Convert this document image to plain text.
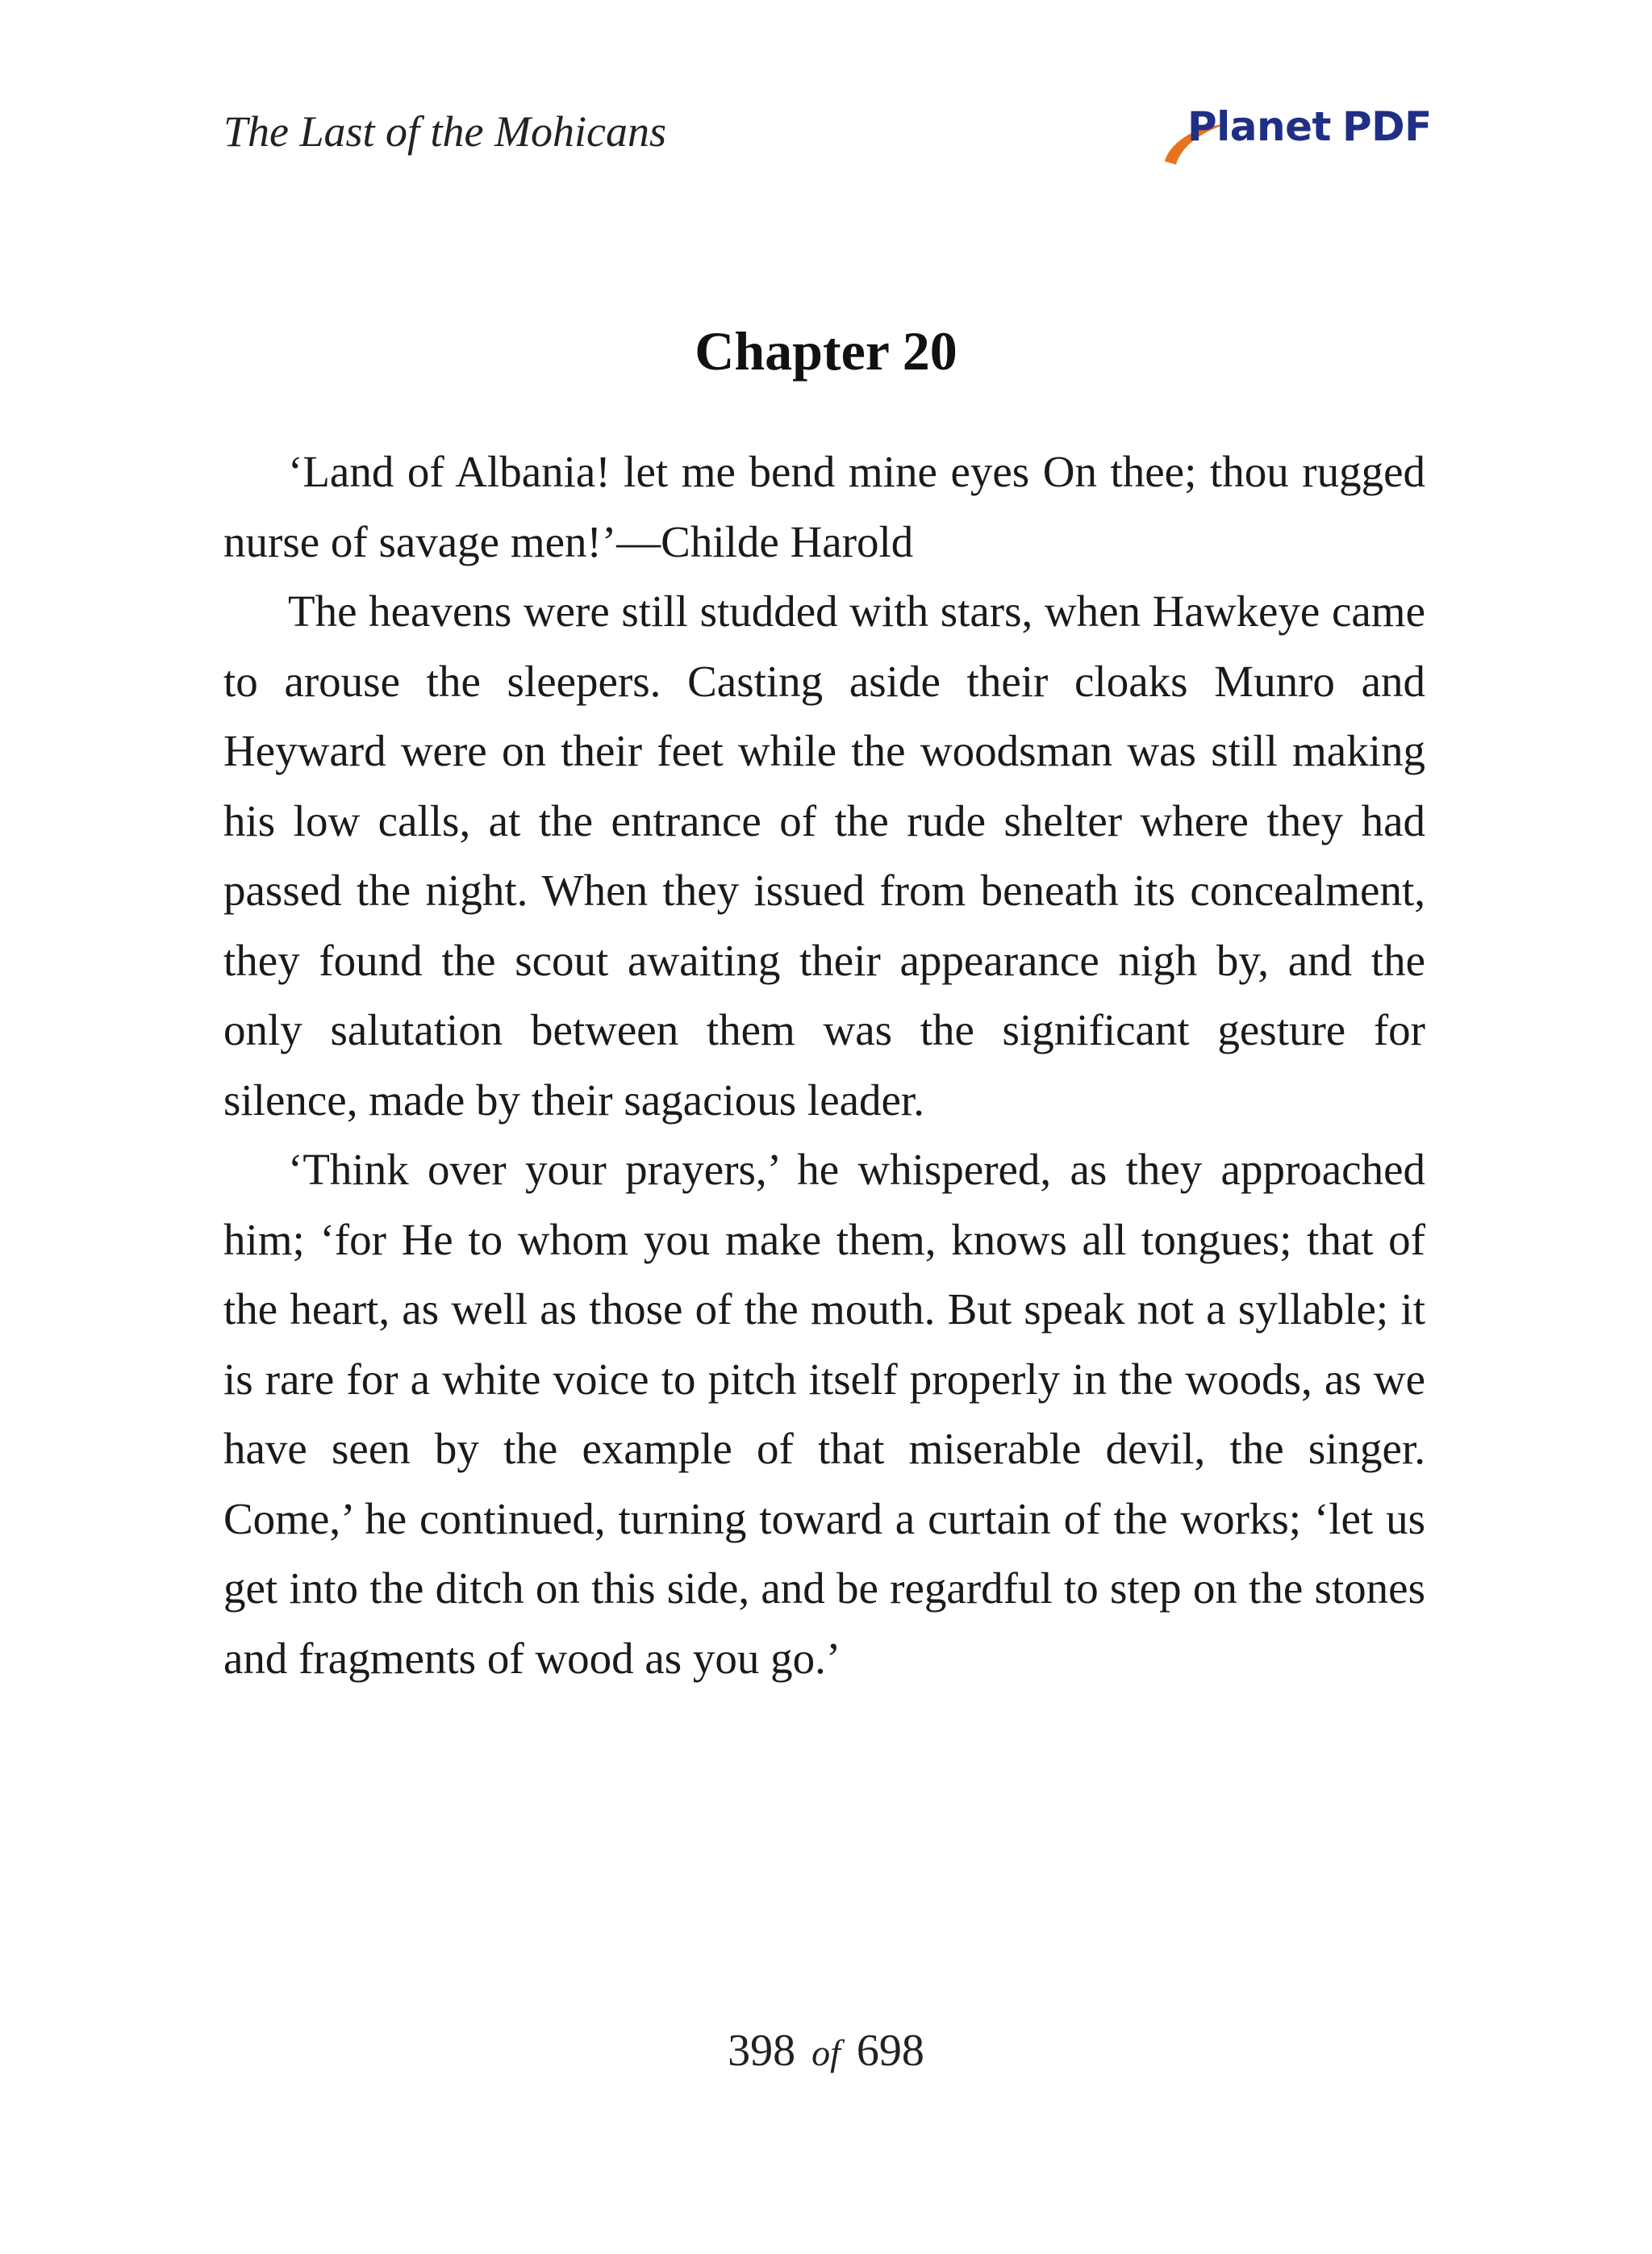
The Last of the Mohicans	Planet PDF
Chapter 20

‘Land of Albania! let me bend mine eyes On thee; thou rugged nurse of savage men!’—Childe Harold

The heavens were still studded with stars, when Hawkeye came to arouse the sleepers. Casting aside their cloaks Munro and Heyward were on their feet while the woodsman was still making his low calls, at the entrance of the rude shelter where they had passed the night. When they issued from beneath its concealment, they found the scout awaiting their appearance nigh by, and the only salutation between them was the significant gesture for silence, made by their sagacious leader.

‘Think over your prayers,’ he whispered, as they approached him; ‘for He to whom you make them, knows all tongues; that of the heart, as well as those of the mouth. But speak not a syllable; it is rare for a white voice to pitch itself properly in the woods, as we have seen by the example of that miserable devil, the singer. Come,’ he continued, turning toward a curtain of the works; ‘let us get into the ditch on this side, and be regardful to step on the stones and fragments of wood as you go.’

398 of 698
